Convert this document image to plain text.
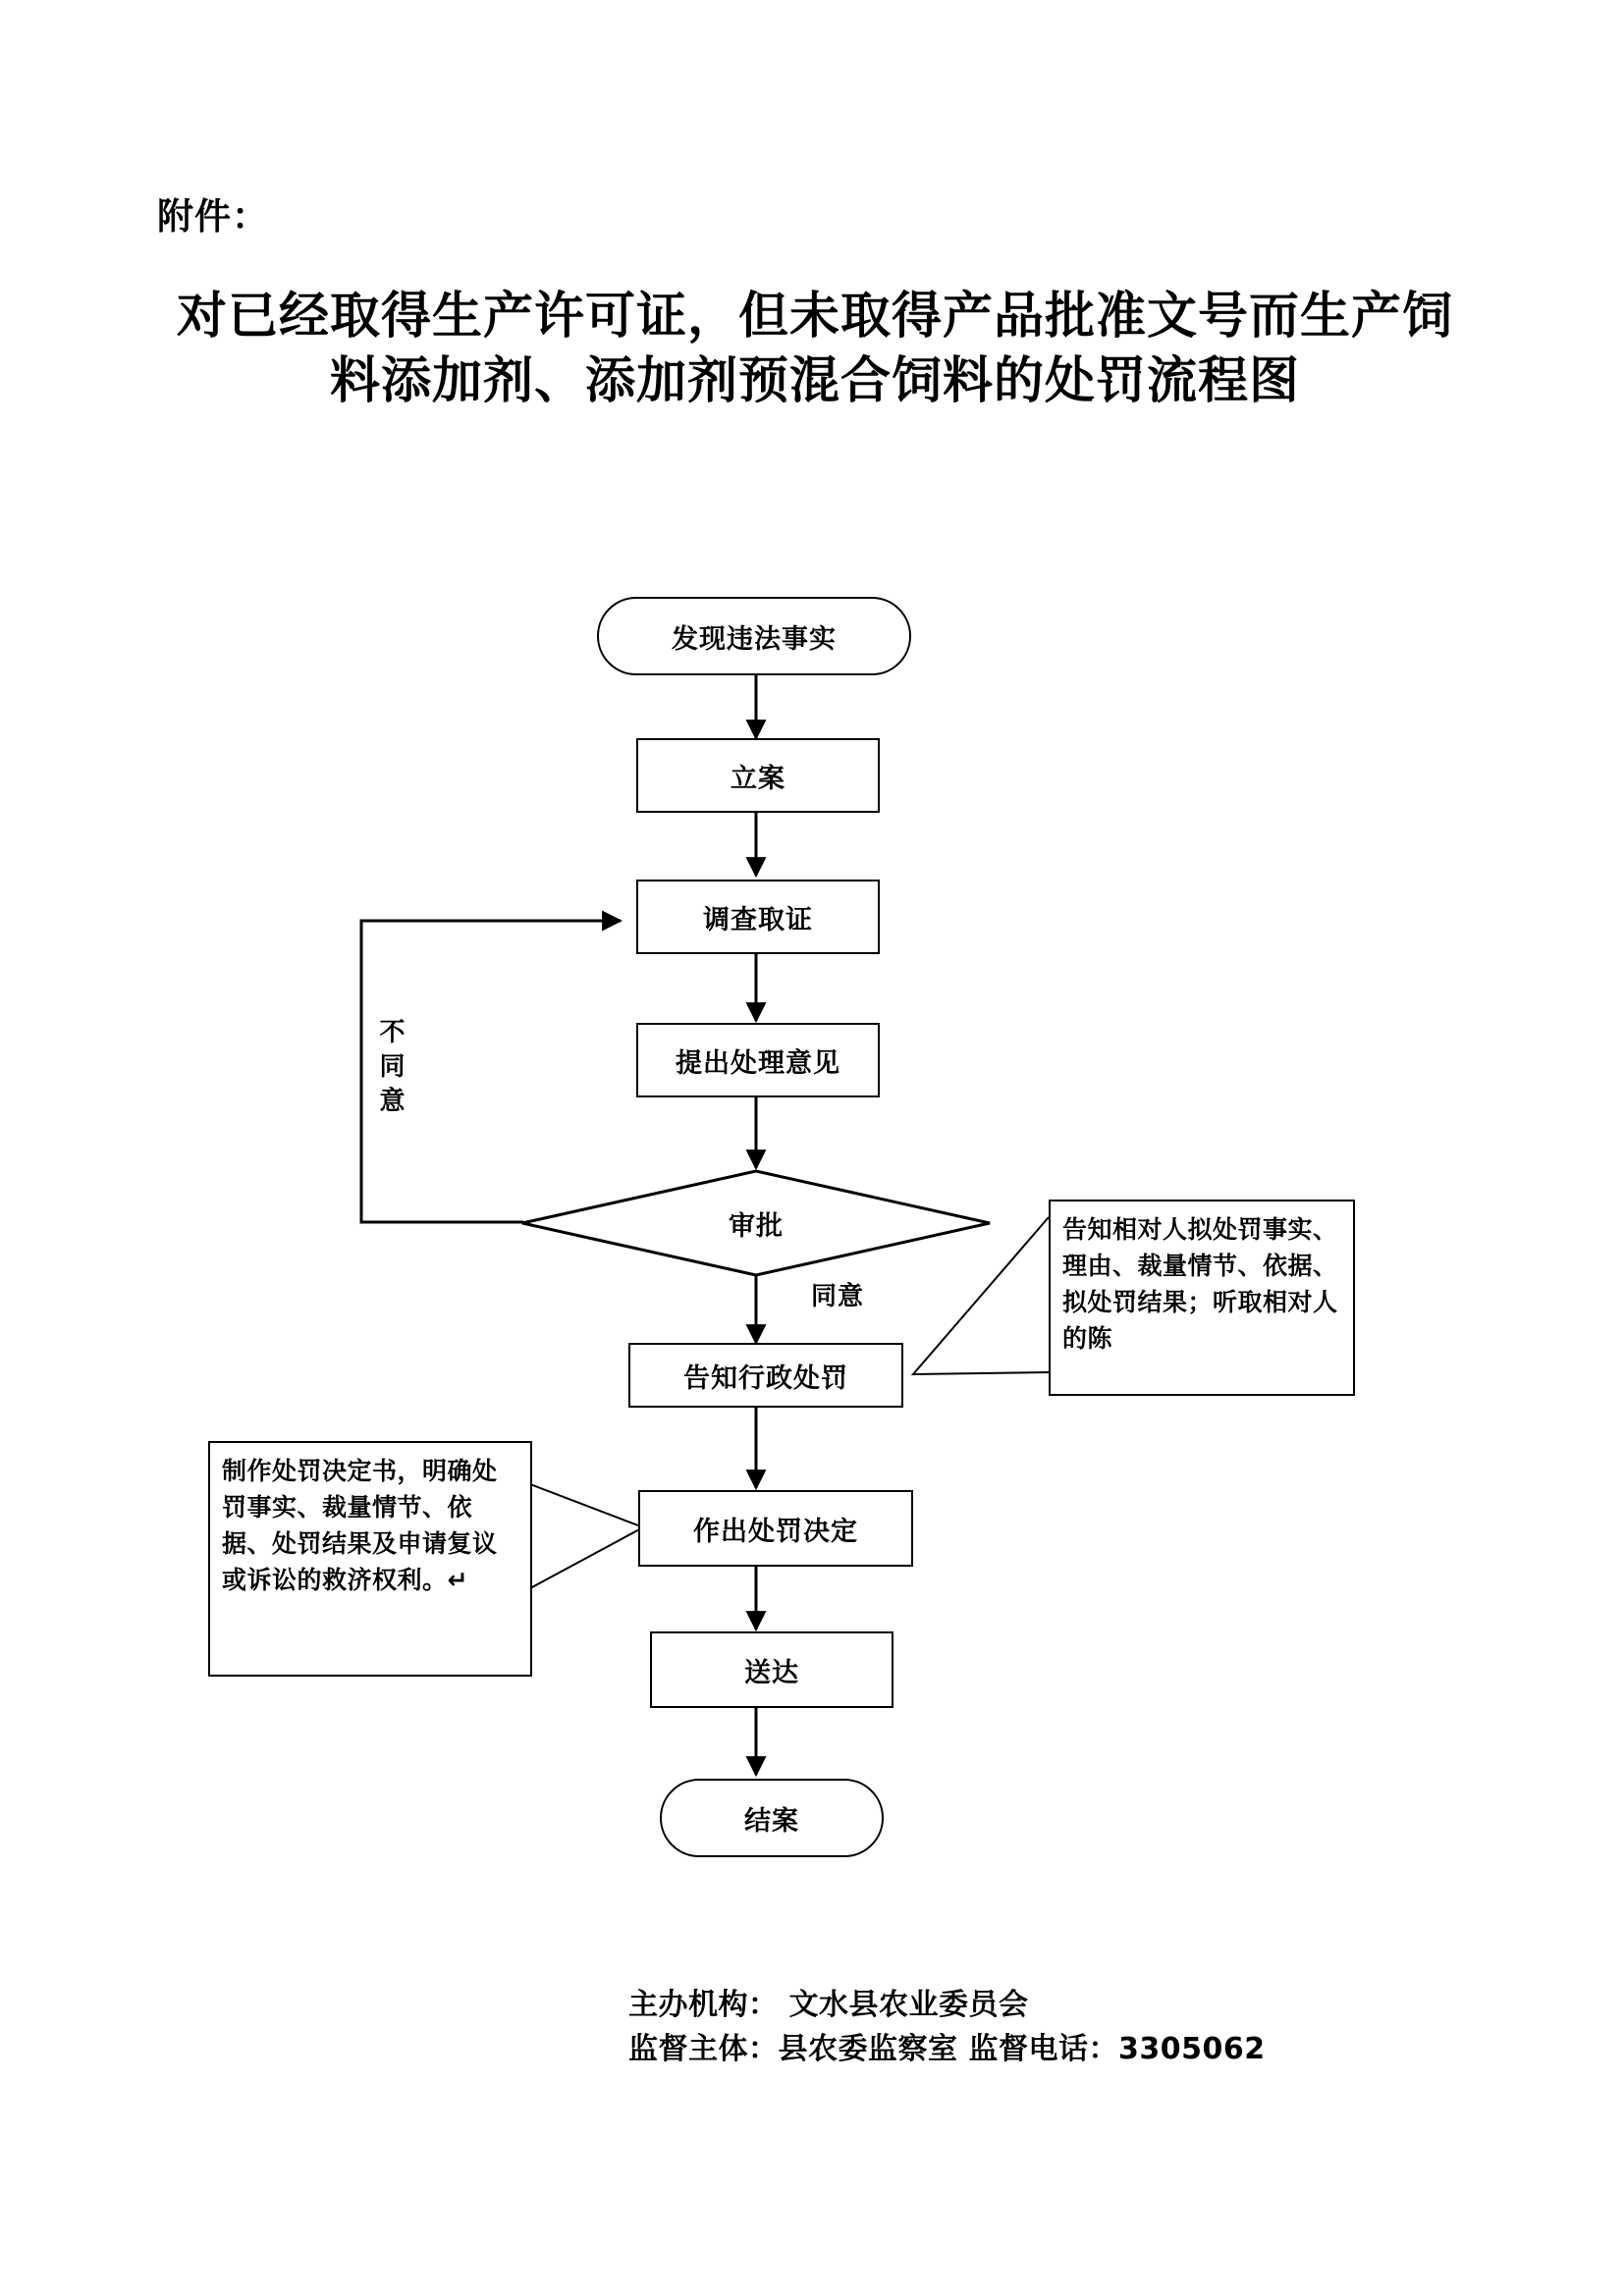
附件：
对已经取得生产许可证，但未取得产品批准文号而生产饲料添加剂、添加剂预混合饲料的处罚流程图
发现违法事实
立案
调查取证
提出处理意见
审批
告知行政处罚
作出处罚决定
送达
结案
不同意
同意
告知相对人拟处罚事实、理由、裁量情节、依据、拟处罚结果；听取相对人的陈
制作处罚决定书，明确处罚事实、裁量情节、依据、处罚结果及申请复议或诉讼的救济权利。↵
主办机构： 文水县农业委员会
监督主体：县农委监察室 监督电话：3305062
